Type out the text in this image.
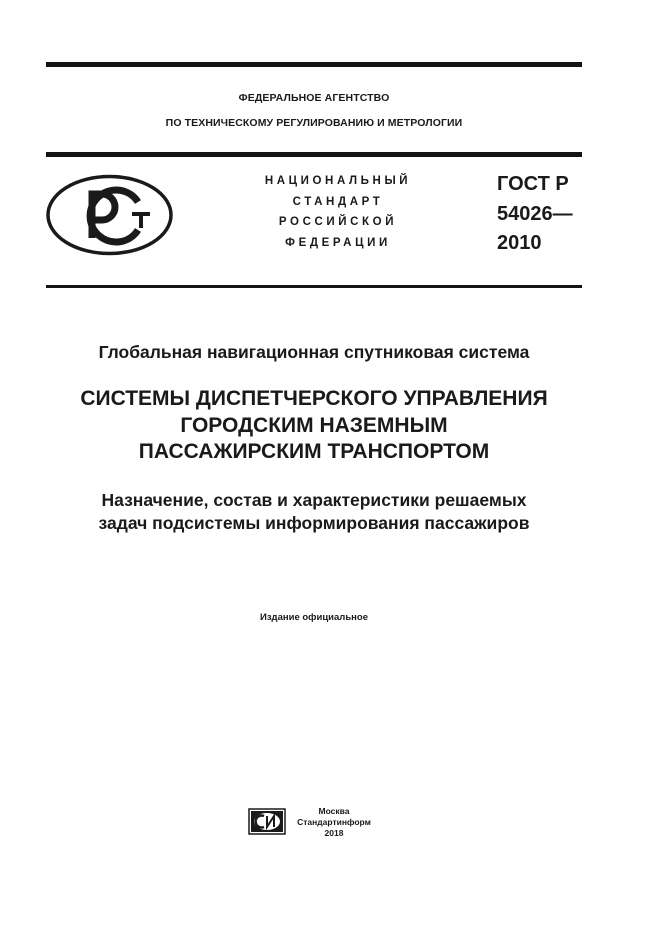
ФЕДЕРАЛЬНОЕ АГЕНТСТВО
ПО ТЕХНИЧЕСКОМУ РЕГУЛИРОВАНИЮ И МЕТРОЛОГИИ
НАЦИОНАЛЬНЫЙ
СТАНДАРТ
РОССИЙСКОЙ
ФЕДЕРАЦИИ
ГОСТ Р
54026—
2010
Глобальная навигационная спутниковая система
СИСТЕМЫ ДИСПЕТЧЕРСКОГО УПРАВЛЕНИЯ
ГОРОДСКИМ НАЗЕМНЫМ
ПАССАЖИРСКИМ ТРАНСПОРТОМ
Назначение, состав и характеристики решаемых
задач подсистемы информирования пассажиров
Издание официальное
Москва
Стандартинформ
2018
